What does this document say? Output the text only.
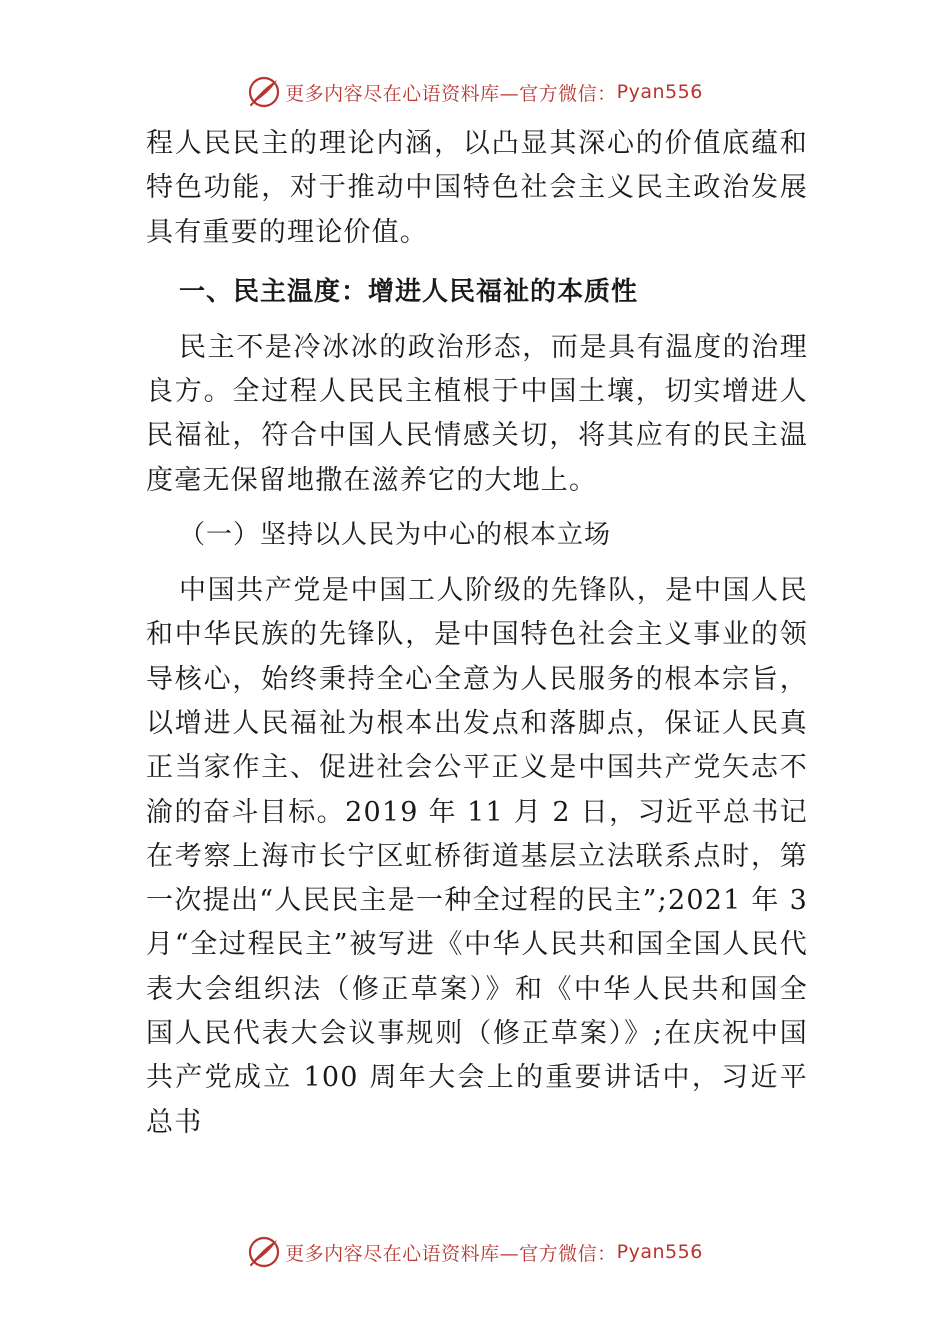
更多内容尽在心语资料库—官方微信： Pyan556

程人民民主的理论内涵，以凸显其深心的价值底蕴和特色功能，对于推动中国特色社会主义民主政治发展具有重要的理论价值。

一、民主温度：增进人民福祉的本质性

民主不是冷冰冰的政治形态，而是具有温度的治理良方。全过程人民民主植根于中国土壤，切实增进人民福祉，符合中国人民情感关切，将其应有的民主温度毫无保留地撒在滋养它的大地上。

（一）坚持以人民为中心的根本立场

中国共产党是中国工人阶级的先锋队，是中国人民和中华民族的先锋队，是中国特色社会主义事业的领导核心，始终秉持全心全意为人民服务的根本宗旨，以增进人民福祉为根本出发点和落脚点，保证人民真正当家作主、促进社会公平正义是中国共产党矢志不渝的奋斗目标。2019 年 11 月 2 日，习近平总书记在考察上海市长宁区虹桥街道基层立法联系点时，第一次提出“人民民主是一种全过程的民主”;2021 年 3 月“全过程民主”被写进《中华人民共和国全国人民代表大会组织法（修正草案）》和《中华人民共和国全国人民代表大会议事规则（修正草案）》;在庆祝中国共产党成立 100 周年大会上的重要讲话中，习近平总书

更多内容尽在心语资料库—官方微信： Pyan556
